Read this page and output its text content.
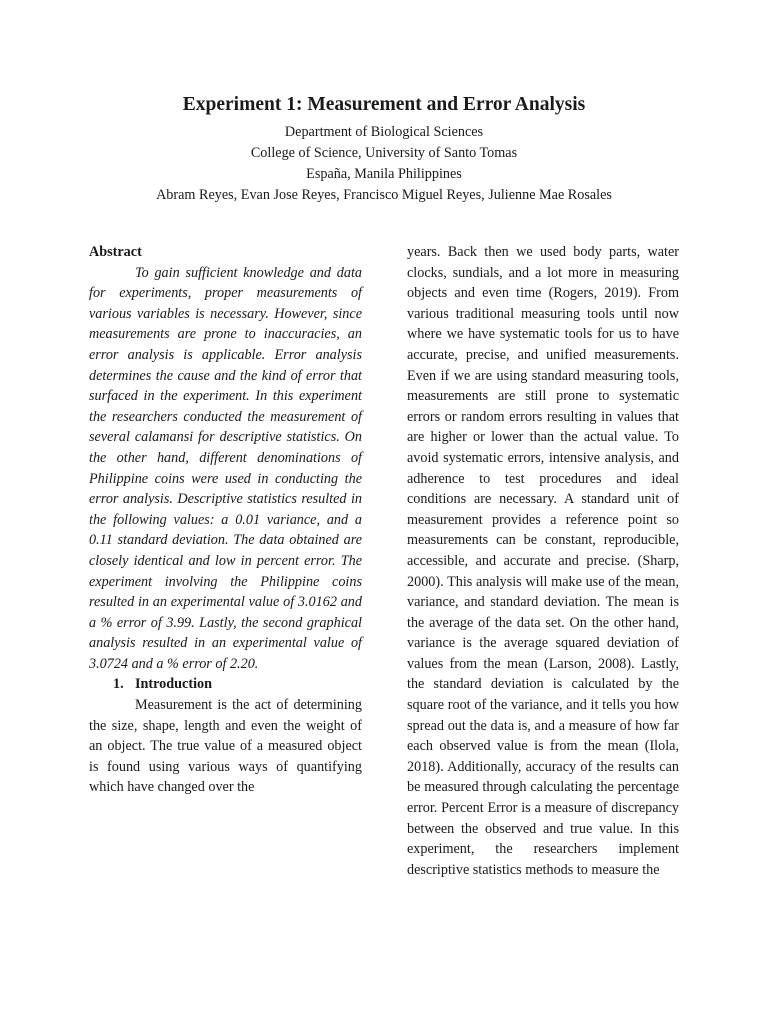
Experiment 1: Measurement and Error Analysis

Department of Biological Sciences

College of Science, University of Santo Tomas

España, Manila Philippines

Abram Reyes, Evan Jose Reyes, Francisco Miguel Reyes, Julienne Mae Rosales

Abstract

To gain sufficient knowledge and data for experiments, proper measurements of various variables is necessary. However, since measurements are prone to inaccuracies, an error analysis is applicable. Error analysis determines the cause and the kind of error that surfaced in the experiment. In this experiment the researchers conducted the measurement of several calamansi for descriptive statistics. On the other hand, different denominations of Philippine coins were used in conducting the error analysis. Descriptive statistics resulted in the following values: a 0.01 variance, and a 0.11 standard deviation. The data obtained are closely identical and low in percent error. The experiment involving the Philippine coins resulted in an experimental value of 3.0162 and a % error of 3.99. Lastly, the second graphical analysis resulted in an experimental value of 3.0724 and a % error of 2.20.

1. Introduction

Measurement is the act of determining the size, shape, length and even the weight of an object. The true value of a measured object is found using various ways of quantifying which have changed over the

years. Back then we used body parts, water clocks, sundials, and a lot more in measuring objects and even time (Rogers, 2019). From various traditional measuring tools until now where we have systematic tools for us to have accurate, precise, and unified measurements. Even if we are using standard measuring tools, measurements are still prone to systematic errors or random errors resulting in values that are higher or lower than the actual value. To avoid systematic errors, intensive analysis, and adherence to test procedures and ideal conditions are necessary. A standard unit of measurement provides a reference point so measurements can be constant, reproducible, accessible, and accurate and precise. (Sharp, 2000). This analysis will make use of the mean, variance, and standard deviation. The mean is the average of the data set. On the other hand, variance is the average squared deviation of values from the mean (Larson, 2008). Lastly, the standard deviation is calculated by the square root of the variance, and it tells you how spread out the data is, and a measure of how far each observed value is from the mean (Ilola, 2018). Additionally, accuracy of the results can be measured through calculating the percentage error. Percent Error is a measure of discrepancy between the observed and true value. In this experiment, the researchers implement descriptive statistics methods to measure the
